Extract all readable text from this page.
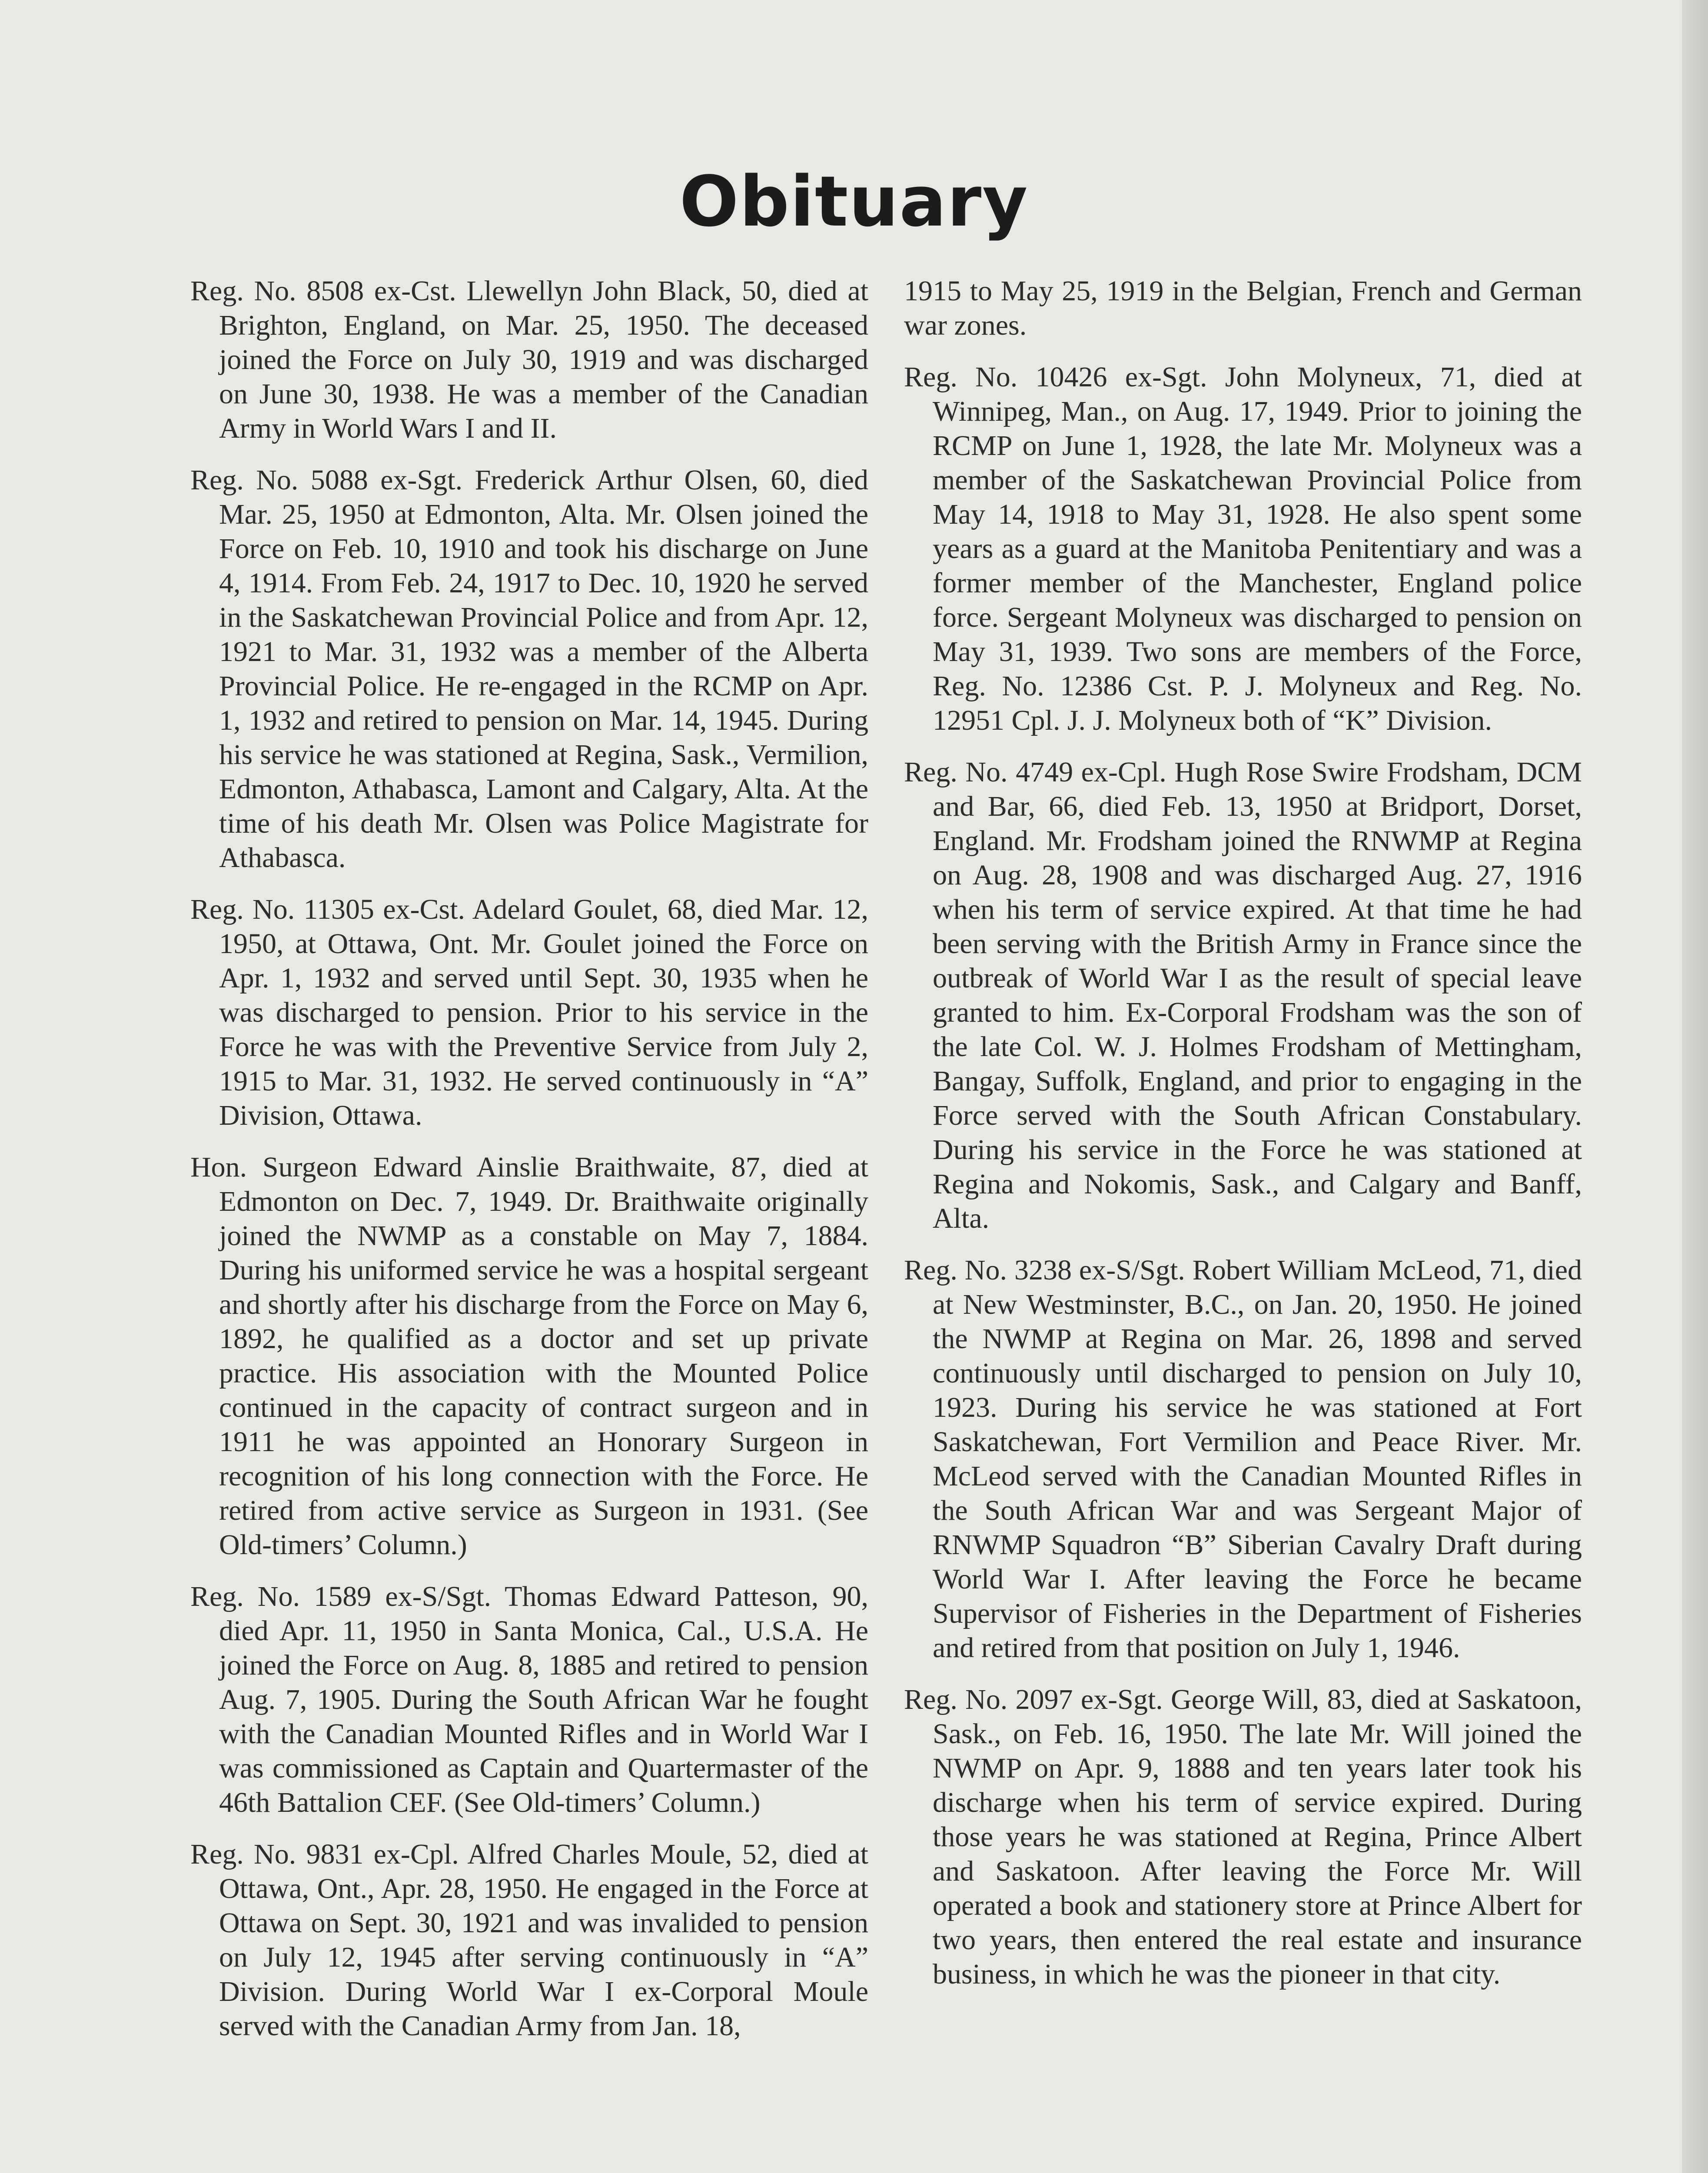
Obituary

Reg. No. 8508 ex-Cst. Llewellyn John Black, 50, died at Brighton, England, on Mar. 25, 1950. The deceased joined the Force on July 30, 1919 and was discharged on June 30, 1938. He was a member of the Canadian Army in World Wars I and II.

Reg. No. 5088 ex-Sgt. Frederick Arthur Olsen, 60, died Mar. 25, 1950 at Edmonton, Alta. Mr. Olsen joined the Force on Feb. 10, 1910 and took his discharge on June 4, 1914. From Feb. 24, 1917 to Dec. 10, 1920 he served in the Saskatchewan Provincial Police and from Apr. 12, 1921 to Mar. 31, 1932 was a member of the Alberta Provincial Police. He re-engaged in the RCMP on Apr. 1, 1932 and retired to pension on Mar. 14, 1945. During his service he was stationed at Regina, Sask., Vermilion, Edmonton, Athabasca, Lamont and Calgary, Alta. At the time of his death Mr. Olsen was Police Magistrate for Athabasca.

Reg. No. 11305 ex-Cst. Adelard Goulet, 68, died Mar. 12, 1950, at Ottawa, Ont. Mr. Goulet joined the Force on Apr. 1, 1932 and served until Sept. 30, 1935 when he was discharged to pension. Prior to his service in the Force he was with the Preventive Service from July 2, 1915 to Mar. 31, 1932. He served continuously in “A” Division, Ottawa.

Hon. Surgeon Edward Ainslie Braithwaite, 87, died at Edmonton on Dec. 7, 1949. Dr. Braithwaite originally joined the NWMP as a constable on May 7, 1884. During his uniformed service he was a hospital sergeant and shortly after his discharge from the Force on May 6, 1892, he qualified as a doctor and set up private practice. His association with the Mounted Police continued in the capacity of contract surgeon and in 1911 he was appointed an Honorary Surgeon in recognition of his long connection with the Force. He retired from active service as Surgeon in 1931. (See Old-timers’ Column.)

Reg. No. 1589 ex-S/Sgt. Thomas Edward Patteson, 90, died Apr. 11, 1950 in Santa Monica, Cal., U.S.A. He joined the Force on Aug. 8, 1885 and retired to pension Aug. 7, 1905. During the South African War he fought with the Canadian Mounted Rifles and in World War I was commissioned as Captain and Quartermaster of the 46th Battalion CEF. (See Old-timers’ Column.)

Reg. No. 9831 ex-Cpl. Alfred Charles Moule, 52, died at Ottawa, Ont., Apr. 28, 1950. He engaged in the Force at Ottawa on Sept. 30, 1921 and was invalided to pension on July 12, 1945 after serving continuously in “A” Division. During World War I ex-Corporal Moule served with the Canadian Army from Jan. 18,

1915 to May 25, 1919 in the Belgian, French and German war zones.

Reg. No. 10426 ex-Sgt. John Molyneux, 71, died at Winnipeg, Man., on Aug. 17, 1949. Prior to joining the RCMP on June 1, 1928, the late Mr. Molyneux was a member of the Saskatchewan Provincial Police from May 14, 1918 to May 31, 1928. He also spent some years as a guard at the Manitoba Penitentiary and was a former member of the Manchester, England police force. Sergeant Molyneux was discharged to pension on May 31, 1939. Two sons are members of the Force, Reg. No. 12386 Cst. P. J. Molyneux and Reg. No. 12951 Cpl. J. J. Molyneux both of “K” Division.

Reg. No. 4749 ex-Cpl. Hugh Rose Swire Frodsham, DCM and Bar, 66, died Feb. 13, 1950 at Bridport, Dorset, England. Mr. Frodsham joined the RNWMP at Regina on Aug. 28, 1908 and was discharged Aug. 27, 1916 when his term of service expired. At that time he had been serving with the British Army in France since the outbreak of World War I as the result of special leave granted to him. Ex-Corporal Frodsham was the son of the late Col. W. J. Holmes Frodsham of Mettingham, Bangay, Suffolk, England, and prior to engaging in the Force served with the South African Constabulary. During his service in the Force he was stationed at Regina and Nokomis, Sask., and Calgary and Banff, Alta.

Reg. No. 3238 ex-S/Sgt. Robert William McLeod, 71, died at New Westminster, B.C., on Jan. 20, 1950. He joined the NWMP at Regina on Mar. 26, 1898 and served continuously until discharged to pension on July 10, 1923. During his service he was stationed at Fort Saskatchewan, Fort Vermilion and Peace River. Mr. McLeod served with the Canadian Mounted Rifles in the South African War and was Sergeant Major of RNWMP Squadron “B” Siberian Cavalry Draft during World War I. After leaving the Force he became Supervisor of Fisheries in the Department of Fisheries and retired from that position on July 1, 1946.

Reg. No. 2097 ex-Sgt. George Will, 83, died at Saskatoon, Sask., on Feb. 16, 1950. The late Mr. Will joined the NWMP on Apr. 9, 1888 and ten years later took his discharge when his term of service expired. During those years he was stationed at Regina, Prince Albert and Saskatoon. After leaving the Force Mr. Will operated a book and stationery store at Prince Albert for two years, then entered the real estate and insurance business, in which he was the pioneer in that city.
